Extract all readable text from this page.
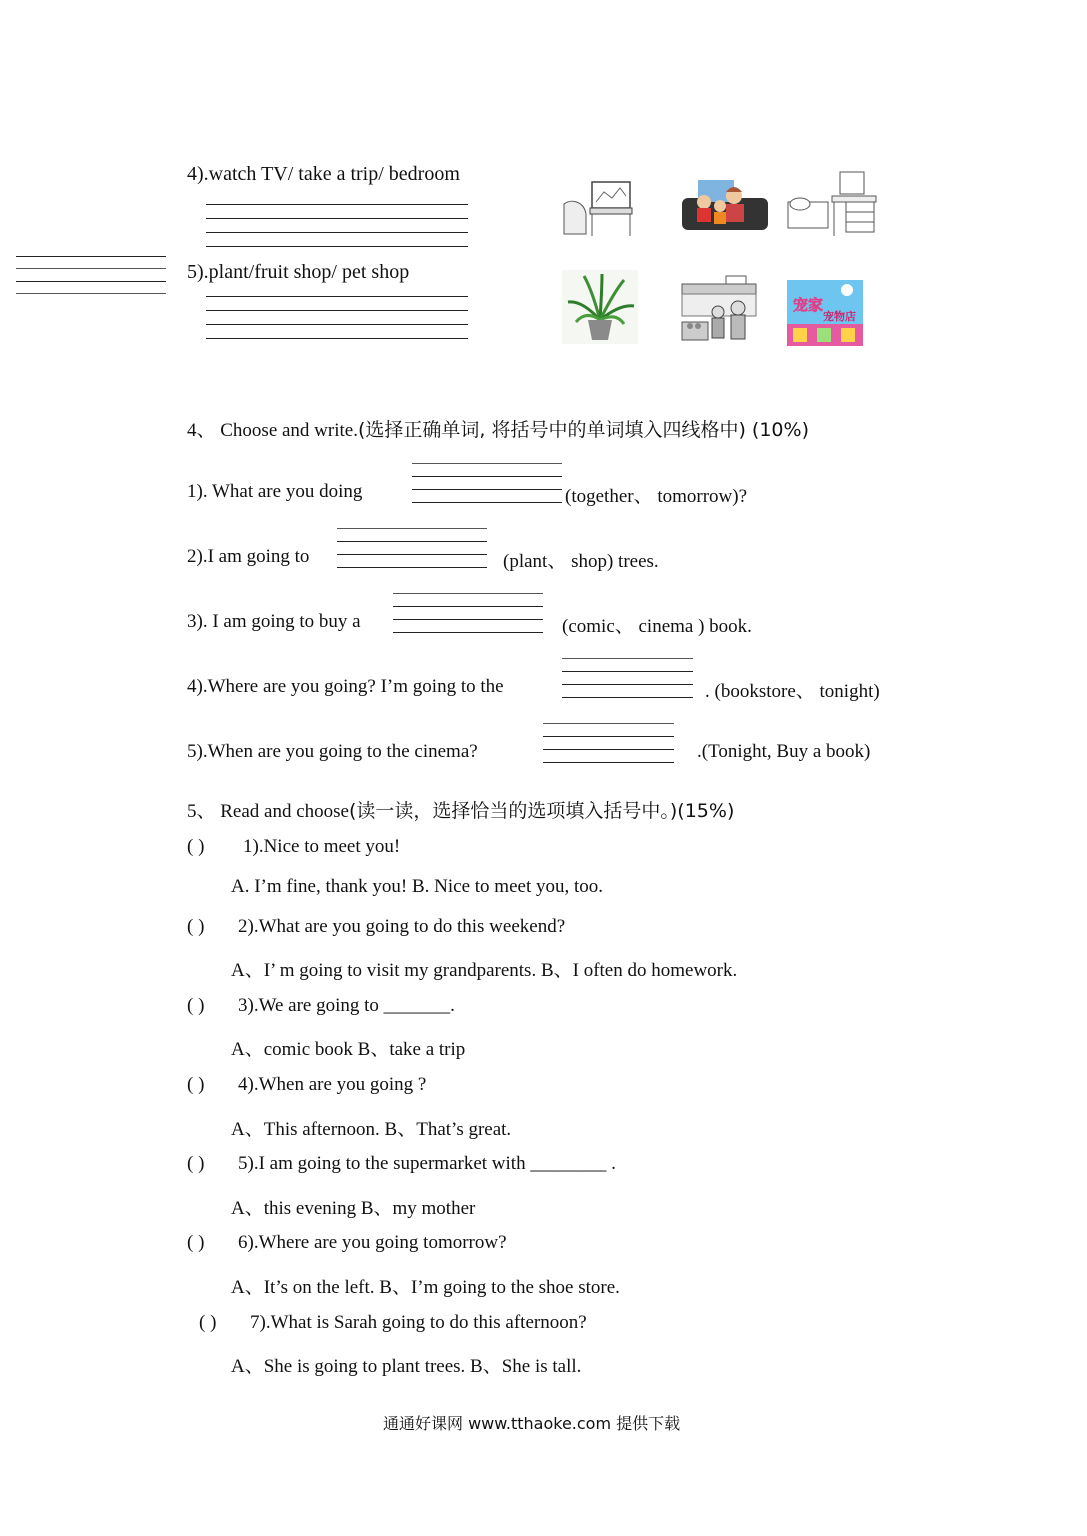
4).watch TV/ take a trip/ bedroom
5).plant/fruit shop/ pet shop
宠家
宠物店
4、 Choose and write.(选择正确单词, 将括号中的单词填入四线格中) (10%)
1). What are you doing	(together、 tomorrow)?
2).I am going to	(plant、 shop) trees.
3). I am going to buy a	(comic、 cinema ) book.
4).Where are you going? I’m going to the	. (bookstore、 tonight)
5).When are you going to the cinema?	.(Tonight, Buy a book)
5、 Read and choose(读一读，选择恰当的选项填入括号中。)(15%)
( ) 1).Nice to meet you!
A. I’m fine, thank you! B. Nice to meet you, too.
( ) 2).What are you going to do this weekend?
A、I’ m going to visit my grandparents. B、I often do homework.
( ) 3).We are going to _______.
A、comic book B、take a trip
( ) 4).When are you going ?
A、This afternoon. B、That’s great.
( ) 5).I am going to the supermarket with ________ .
A、this evening B、my mother
( ) 6).Where are you going tomorrow?
A、It’s on the left. B、I’m going to the shoe store.
( ) 7).What is Sarah going to do this afternoon?
A、She is going to plant trees. B、She is tall.
通通好课网 www.tthaoke.com 提供下载
